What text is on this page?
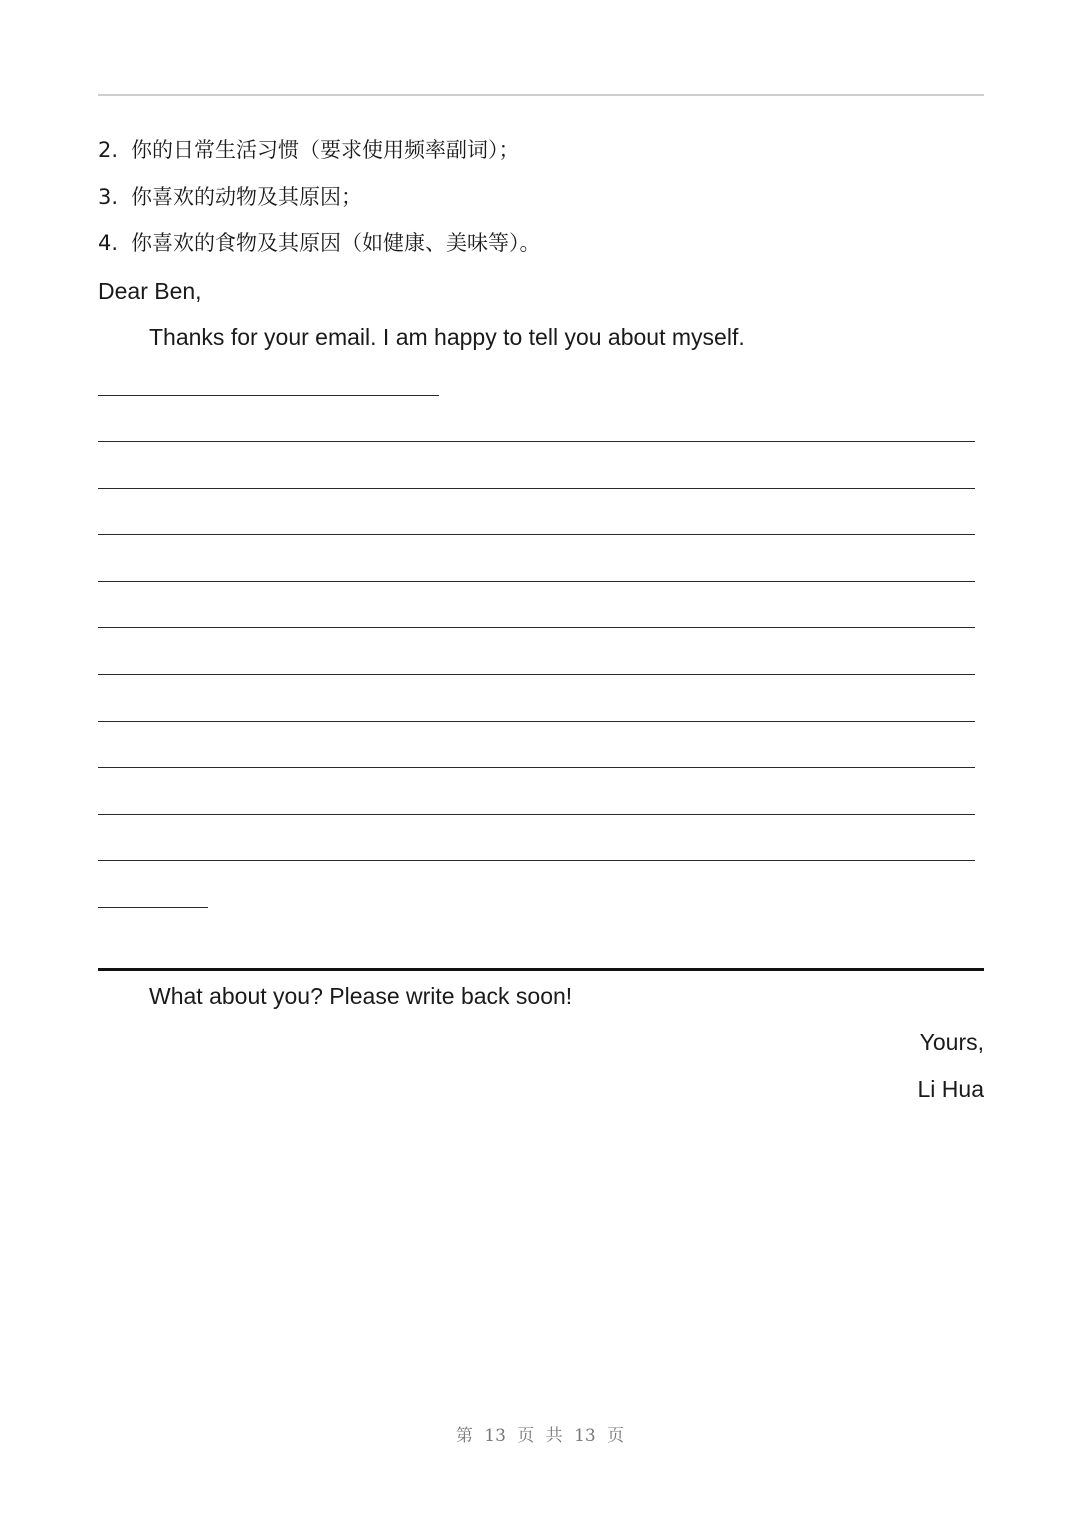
2. 你的日常生活习惯（要求使用频率副词）；
3. 你喜欢的动物及其原因；
4. 你喜欢的食物及其原因（如健康、美味等）。
Dear Ben,
Thanks for your email. I am happy to tell you about myself.
What about you? Please write back soon!
Yours,
Li Hua
第 13 页 共 13 页
